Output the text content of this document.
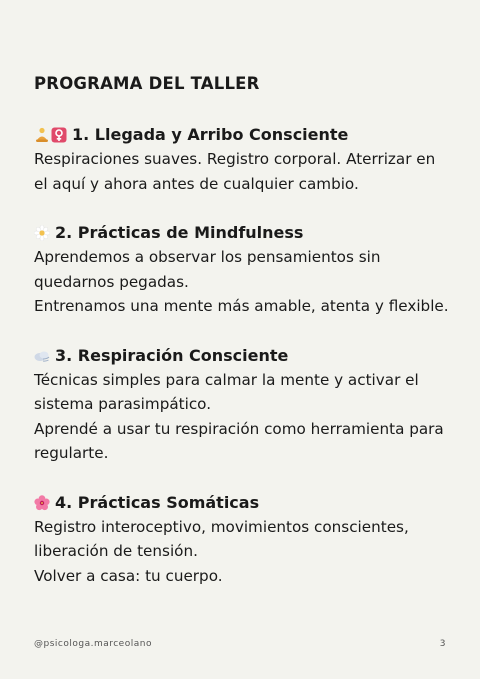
PROGRAMA DEL TALLER
1. Llegada y Arribo Consciente
Respiraciones suaves. Registro corporal. Aterrizar en
el aquí y ahora antes de cualquier cambio.
2. Prácticas de Mindfulness
Aprendemos a observar los pensamientos sin
quedarnos pegadas.
Entrenamos una mente más amable, atenta y flexible.
3. Respiración Consciente
Técnicas simples para calmar la mente y activar el
sistema parasimpático.
Aprendé a usar tu respiración como herramienta para
regularte.
4. Prácticas Somáticas
Registro interoceptivo, movimientos conscientes,
liberación de tensión.
Volver a casa: tu cuerpo.
@psicologa.marceolano	3
